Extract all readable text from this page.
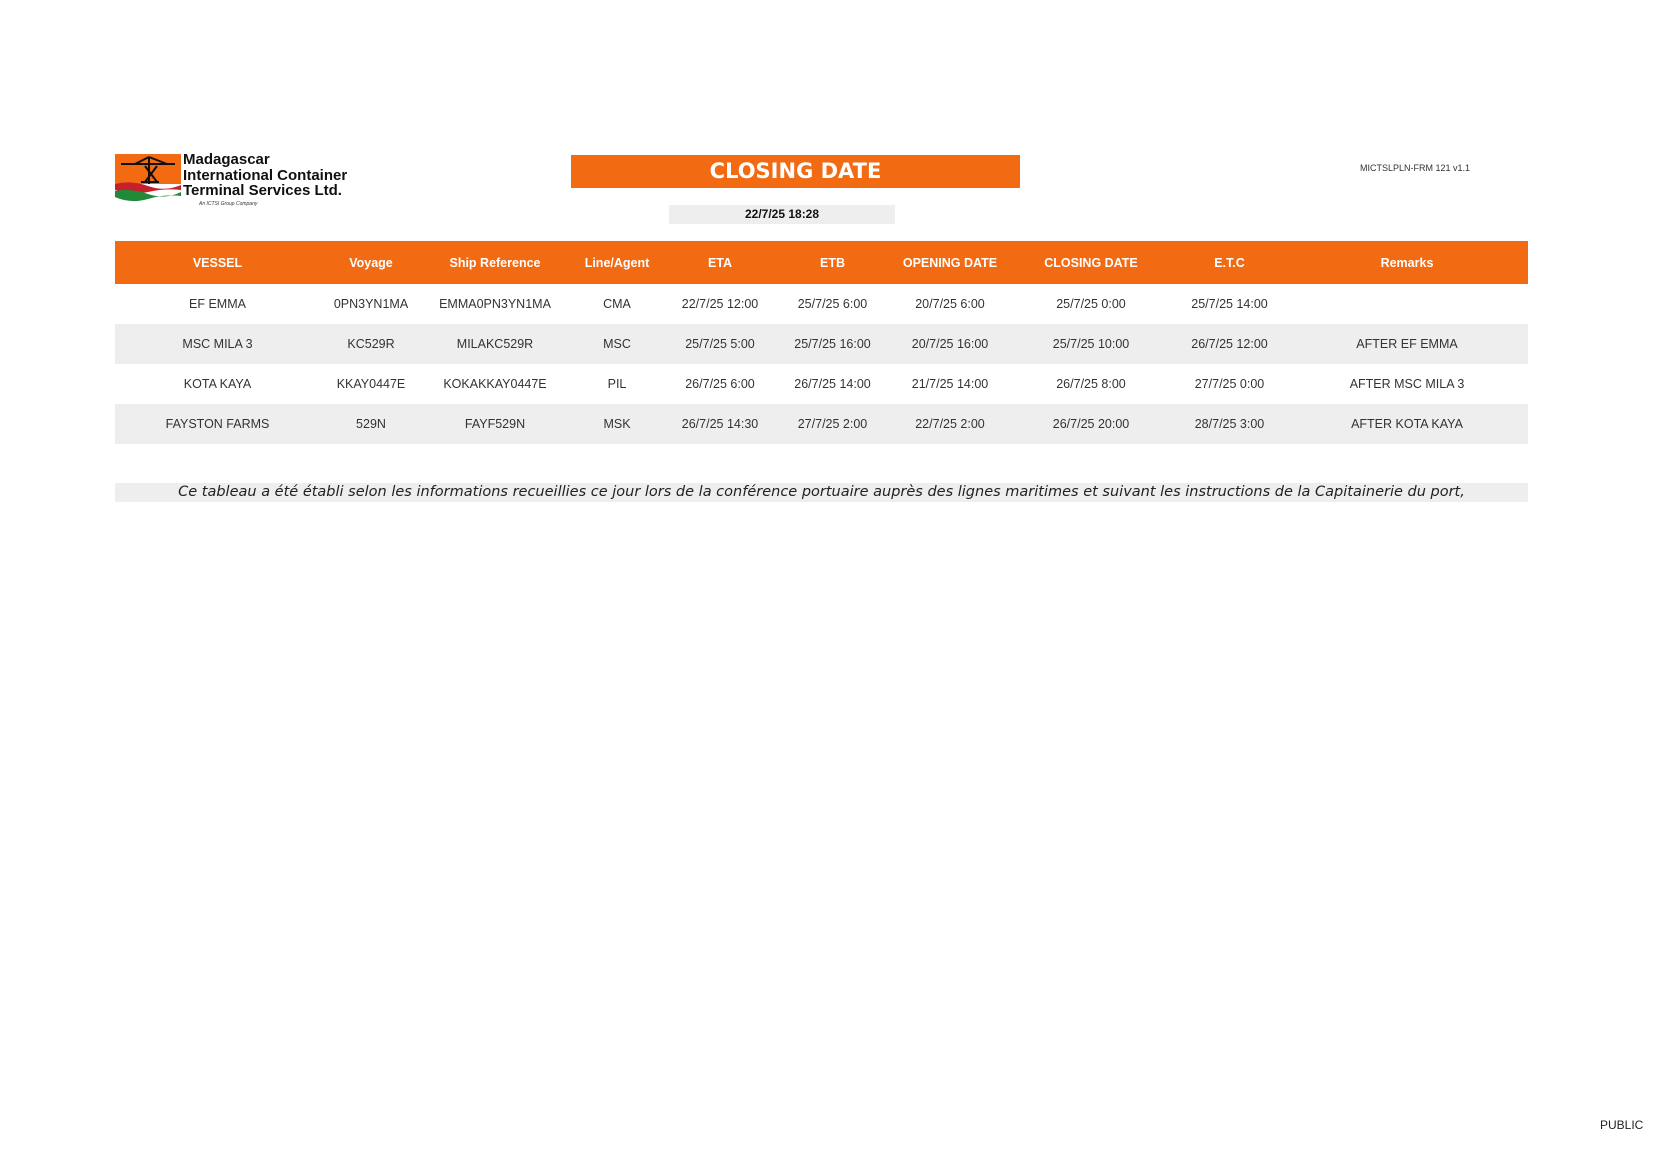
Madagascar
International Container
Terminal Services Ltd.
An ICTSI Group Company
CLOSING DATE
22/7/25 18:28
MICTSLPLN-FRM 121 v1.1
VESSEL	Voyage	Ship Reference	Line/Agent	ETA	ETB	OPENING DATE	CLOSING DATE	E.T.C	Remarks
EF EMMA	0PN3YN1MA	EMMA0PN3YN1MA	CMA	22/7/25 12:00	25/7/25 6:00	20/7/25 6:00	25/7/25 0:00	25/7/25 14:00	
MSC MILA 3	KC529R	MILAKC529R	MSC	25/7/25 5:00	25/7/25 16:00	20/7/25 16:00	25/7/25 10:00	26/7/25 12:00	AFTER EF EMMA
KOTA KAYA	KKAY0447E	KOKAKKAY0447E	PIL	26/7/25 6:00	26/7/25 14:00	21/7/25 14:00	26/7/25 8:00	27/7/25 0:00	AFTER MSC MILA 3
FAYSTON FARMS	529N	FAYF529N	MSK	26/7/25 14:30	27/7/25 2:00	22/7/25 2:00	26/7/25 20:00	28/7/25 3:00	AFTER KOTA KAYA
Ce tableau a été établi selon les informations recueillies ce jour lors de la conférence portuaire auprès des lignes maritimes et suivant les instructions de la Capitainerie du port,
PUBLIC
